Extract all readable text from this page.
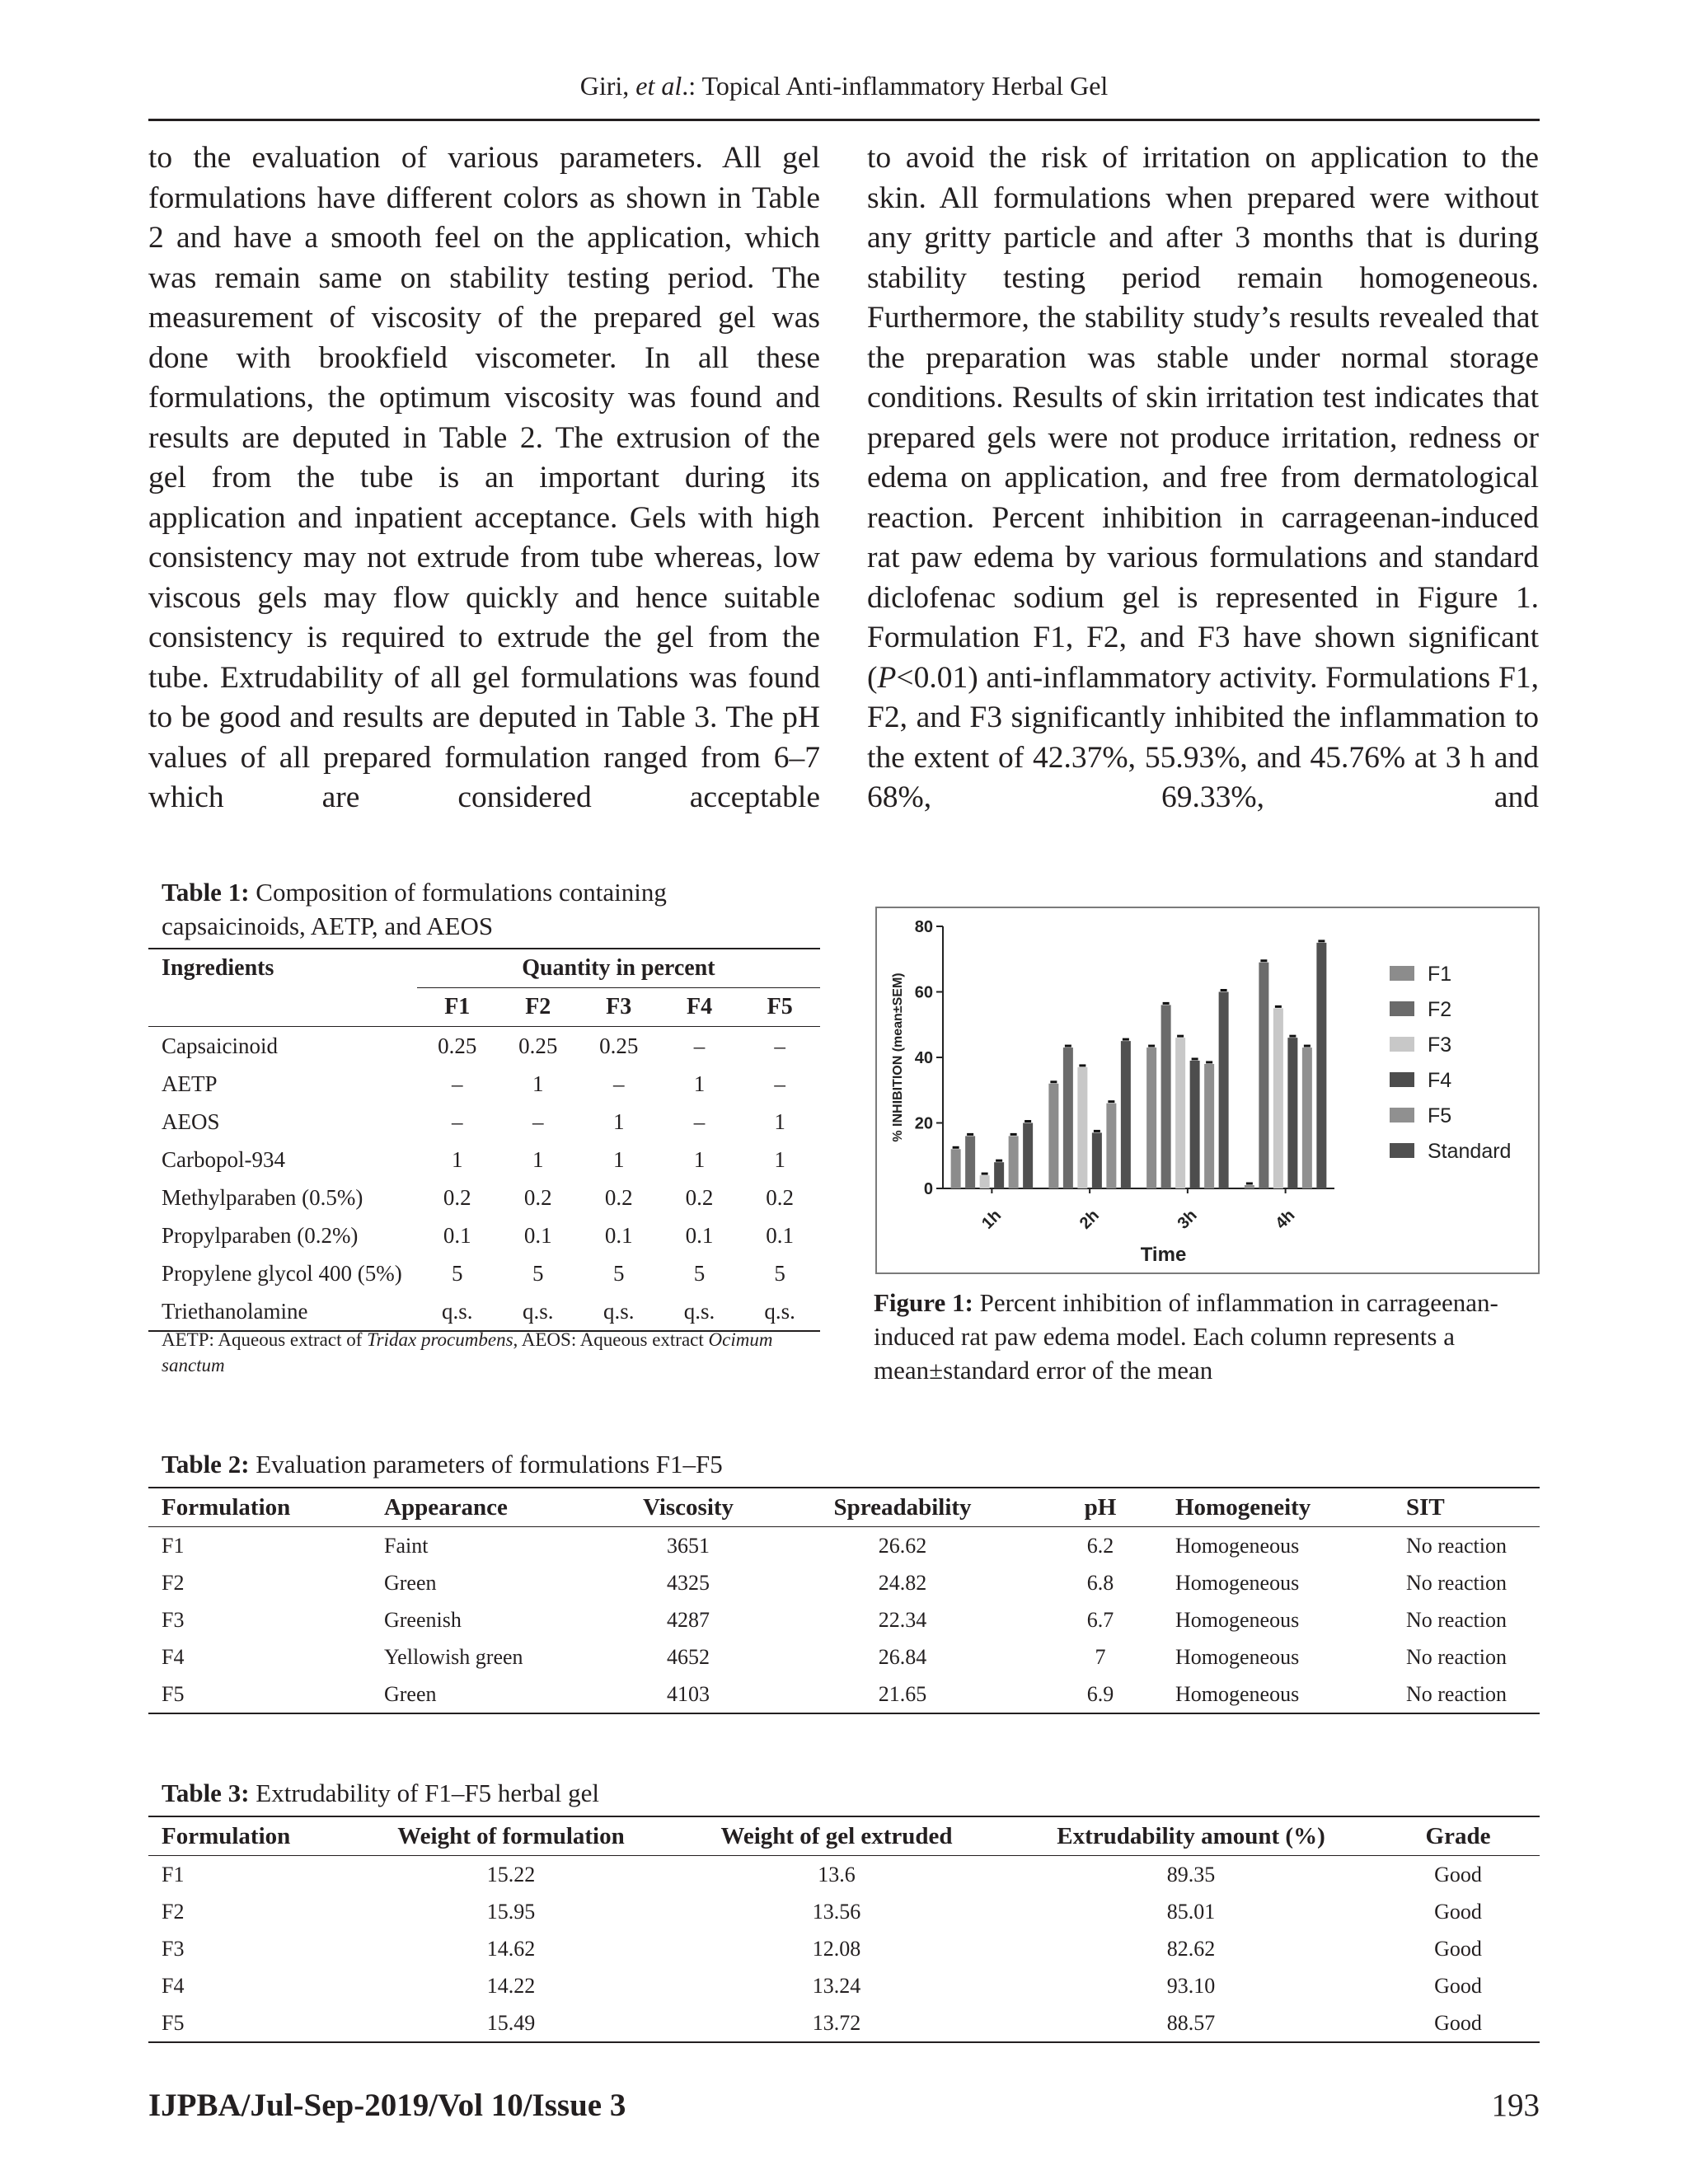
Giri, et al.: Topical Anti-inflammatory Herbal Gel

to the evaluation of various parameters. All gel formulations have different colors as shown in Table 2 and have a smooth feel on the application, which was remain same on stability testing period. The measurement of viscosity of the prepared gel was done with brookfield viscometer. In all these formulations, the optimum viscosity was found and results are deputed in Table 2. The extrusion of the gel from the tube is an important during its application and inpatient acceptance. Gels with high consistency may not extrude from tube whereas, low viscous gels may flow quickly and hence suitable consistency is required to extrude the gel from the tube. Extrudability of all gel formulations was found to be good and results are deputed in Table 3. The pH values of all prepared formulation ranged from 6–7 which are considered acceptable

to avoid the risk of irritation on application to the skin. All formulations when prepared were without any gritty particle and after 3 months that is during stability testing period remain homogeneous. Furthermore, the stability study’s results revealed that the preparation was stable under normal storage conditions. Results of skin irritation test indicates that prepared gels were not produce irritation, redness or edema on application, and free from dermatological reaction. Percent inhibition in carrageenan-induced rat paw edema by various formulations and standard diclofenac sodium gel is represented in Figure 1. Formulation F1, F2, and F3 have shown significant (P<0.01) anti-inflammatory activity. Formulations F1, F2, and F3 significantly inhibited the inflammation to the extent of 42.37%, 55.93%, and 45.76% at 3 h and 68%, 69.33%, and

Table 1: Composition of formulations containing capsaicinoids, AETP, and AEOS
Ingredients	Quantity in percent				
	F1	F2	F3	F4	F5
Capsaicinoid	0.25	0.25	0.25	–	–
AETP	–	1	–	1	–
AEOS	–	–	1	–	1
Carbopol-934	1	1	1	1	1
Methylparaben (0.5%)	0.2	0.2	0.2	0.2	0.2
Propylparaben (0.2%)	0.1	0.1	0.1	0.1	0.1
Propylene glycol 400 (5%)	5	5	5	5	5
Triethanolamine	q.s.	q.s.	q.s.	q.s.	q.s.
AETP: Aqueous extract of Tridax procumbens, AEOS: Aqueous extract Ocimum sanctum
0
20
40
60
80
% INHIBITION (mean±SEM)
1h	2h	3h	4h
Time
F1
F2
F3
F4
F5
Standard
Figure 1: Percent inhibition of inflammation in carrageenan-induced rat paw edema model. Each column represents a mean±standard error of the mean
Table 2: Evaluation parameters of formulations F1–F5
Formulation	Appearance	Viscosity	Spreadability	pH	Homogeneity	SIT
F1	Faint	3651	26.62	6.2	Homogeneous	No reaction
F2	Green	4325	24.82	6.8	Homogeneous	No reaction
F3	Greenish	4287	22.34	6.7	Homogeneous	No reaction
F4	Yellowish green	4652	26.84	7	Homogeneous	No reaction
F5	Green	4103	21.65	6.9	Homogeneous	No reaction
Table 3: Extrudability of F1–F5 herbal gel
Formulation	Weight of formulation	Weight of gel extruded	Extrudability amount (%)	Grade
F1	15.22	13.6	89.35	Good
F2	15.95	13.56	85.01	Good
F3	14.62	12.08	82.62	Good
F4	14.22	13.24	93.10	Good
F5	15.49	13.72	88.57	Good
IJPBA/Jul-Sep-2019/Vol 10/Issue 3	193
